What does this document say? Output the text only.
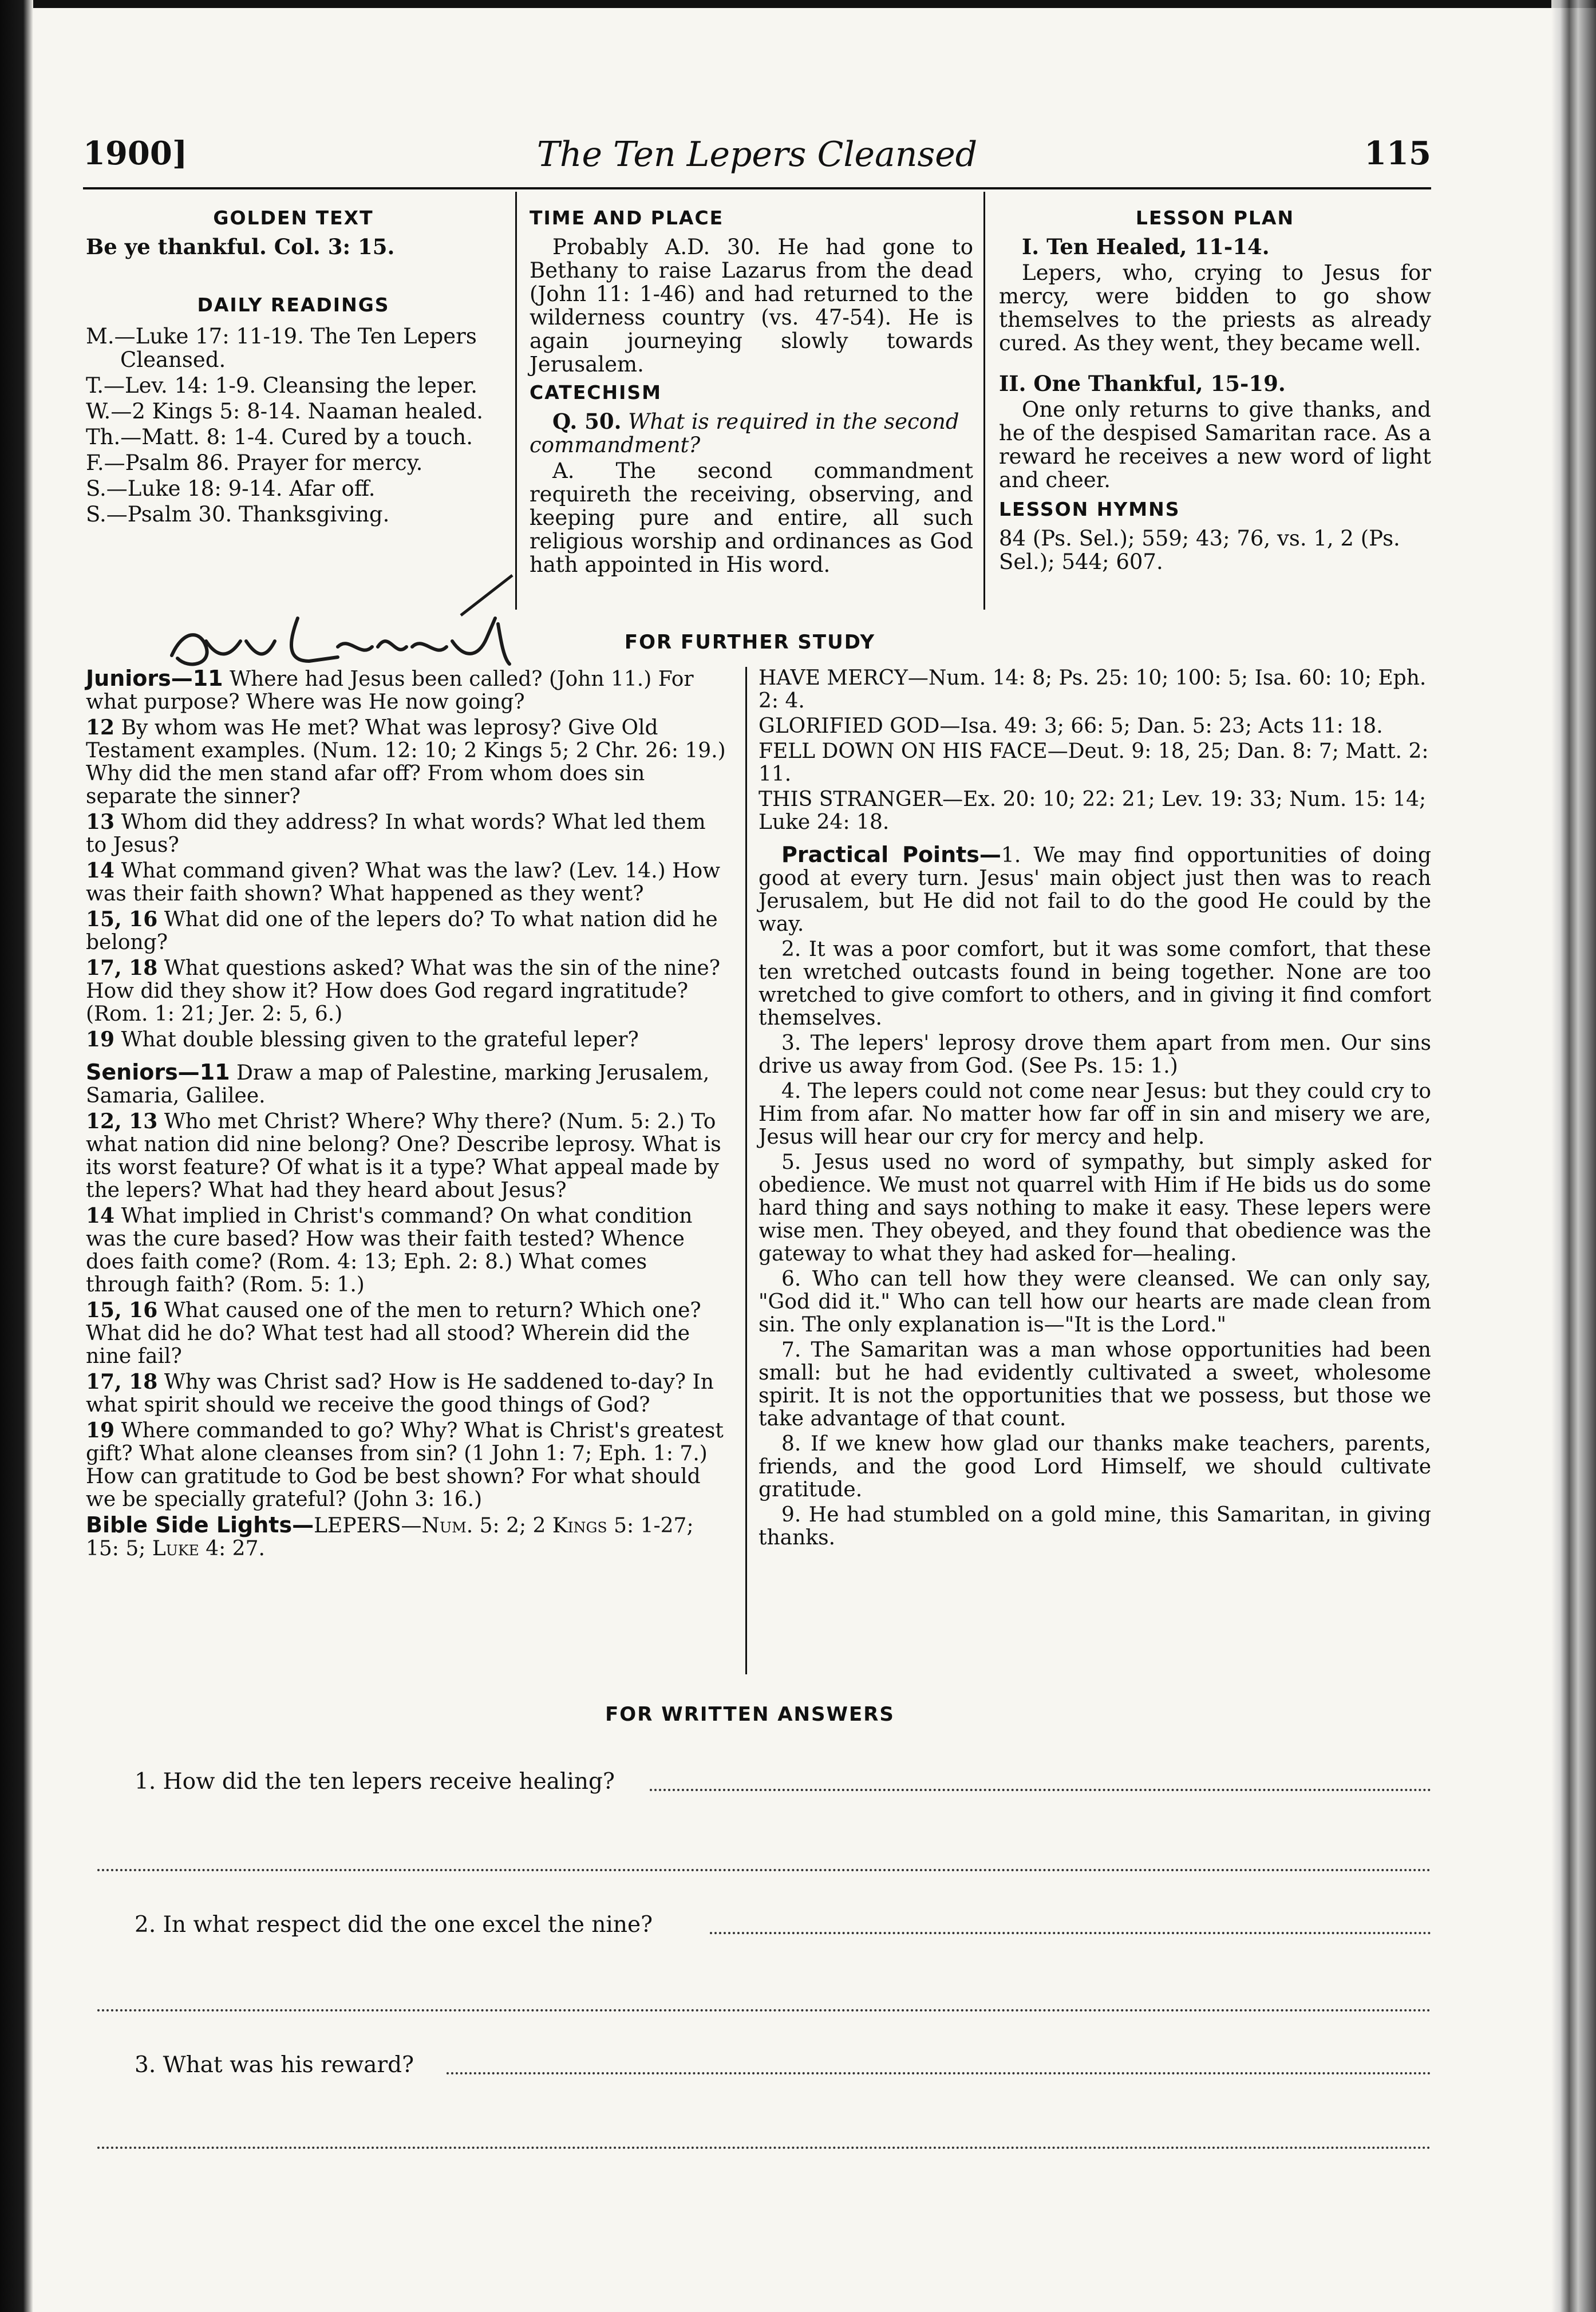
The Ten Lepers Cleansed
1900]	115
GOLDEN TEXT

Be ye thankful. Col. 3: 15.

DAILY READINGS

M.—Luke 17: 11-19. The Ten Lepers Cleansed.

T.—Lev. 14: 1-9. Cleansing the leper.

W.—2 Kings 5: 8-14. Naaman healed.

Th.—Matt. 8: 1-4. Cured by a touch.

F.—Psalm 86. Prayer for mercy.

S.—Luke 18: 9-14. Afar off.

S.—Psalm 30. Thanksgiving.

TIME AND PLACE

Probably A.D. 30. He had gone to Bethany to raise Lazarus from the dead (John 11: 1-46) and had returned to the wilderness country (vs. 47-54). He is again journeying slowly towards Jerusalem.

CATECHISM

Q. 50. What is required in the second commandment?

A. The second commandment requireth the receiving, observing, and keeping pure and entire, all such religious worship and ordinances as God hath appointed in His word.

LESSON PLAN

I. Ten Healed, 11-14.

Lepers, who, crying to Jesus for mercy, were bidden to go show themselves to the priests as already cured. As they went, they became well.

II. One Thankful, 15-19.

One only returns to give thanks, and he of the despised Samaritan race. As a reward he receives a new word of light and cheer.

LESSON HYMNS

84 (Ps. Sel.); 559; 43; 76, vs. 1, 2 (Ps. Sel.); 544; 607.

FOR FURTHER STUDY

Juniors—11 Where had Jesus been called? (John 11.) For what purpose? Where was He now going?

12 By whom was He met? What was leprosy? Give Old Testament examples. (Num. 12: 10; 2 Kings 5; 2 Chr. 26: 19.) Why did the men stand afar off? From whom does sin separate the sinner?

13 Whom did they address? In what words? What led them to Jesus?

14 What command given? What was the law? (Lev. 14.) How was their faith shown? What happened as they went?

15, 16 What did one of the lepers do? To what nation did he belong?

17, 18 What questions asked? What was the sin of the nine? How did they show it? How does God regard ingratitude? (Rom. 1: 21; Jer. 2: 5, 6.)

19 What double blessing given to the grateful leper?

Seniors—11 Draw a map of Palestine, marking Jerusalem, Samaria, Galilee.

12, 13 Who met Christ? Where? Why there? (Num. 5: 2.) To what nation did nine belong? One? Describe leprosy. What is its worst feature? Of what is it a type? What appeal made by the lepers? What had they heard about Jesus?

14 What implied in Christ's command? On what condition was the cure based? How was their faith tested? Whence does faith come? (Rom. 4: 13; Eph. 2: 8.) What comes through faith? (Rom. 5: 1.)

15, 16 What caused one of the men to return? Which one? What did he do? What test had all stood? Wherein did the nine fail?

17, 18 Why was Christ sad? How is He saddened to-day? In what spirit should we receive the good things of God?

19 Where commanded to go? Why? What is Christ's greatest gift? What alone cleanses from sin? (1 John 1: 7; Eph. 1: 7.) How can gratitude to God be best shown? For what should we be specially grateful? (John 3: 16.)

Bible Side Lights—LEPERS—Num. 5: 2; 2 Kings 5: 1-27; 15: 5; Luke 4: 27.

HAVE MERCY—Num. 14: 8; Ps. 25: 10; 100: 5; Isa. 60: 10; Eph. 2: 4.

GLORIFIED GOD—Isa. 49: 3; 66: 5; Dan. 5: 23; Acts 11: 18.

FELL DOWN ON HIS FACE—Deut. 9: 18, 25; Dan. 8: 7; Matt. 2: 11.

THIS STRANGER—Ex. 20: 10; 22: 21; Lev. 19: 33; Num. 15: 14; Luke 24: 18.

Practical Points—1. We may find opportunities of doing good at every turn. Jesus' main object just then was to reach Jerusalem, but He did not fail to do the good He could by the way.

2. It was a poor comfort, but it was some comfort, that these ten wretched outcasts found in being together. None are too wretched to give comfort to others, and in giving it find comfort themselves.

3. The lepers' leprosy drove them apart from men. Our sins drive us away from God. (See Ps. 15: 1.)

4. The lepers could not come near Jesus: but they could cry to Him from afar. No matter how far off in sin and misery we are, Jesus will hear our cry for mercy and help.

5. Jesus used no word of sympathy, but simply asked for obedience. We must not quarrel with Him if He bids us do some hard thing and says nothing to make it easy. These lepers were wise men. They obeyed, and they found that obedience was the gateway to what they had asked for—healing.

6. Who can tell how they were cleansed. We can only say, "God did it." Who can tell how our hearts are made clean from sin. The only explanation is—"It is the Lord."

7. The Samaritan was a man whose opportunities had been small: but he had evidently cultivated a sweet, wholesome spirit. It is not the opportunities that we possess, but those we take advantage of that count.

8. If we knew how glad our thanks make teachers, parents, friends, and the good Lord Himself, we should cultivate gratitude.

9. He had stumbled on a gold mine, this Samaritan, in giving thanks.

FOR WRITTEN ANSWERS
1. How did the ten lepers receive healing?
2. In what respect did the one excel the nine?
3. What was his reward?
